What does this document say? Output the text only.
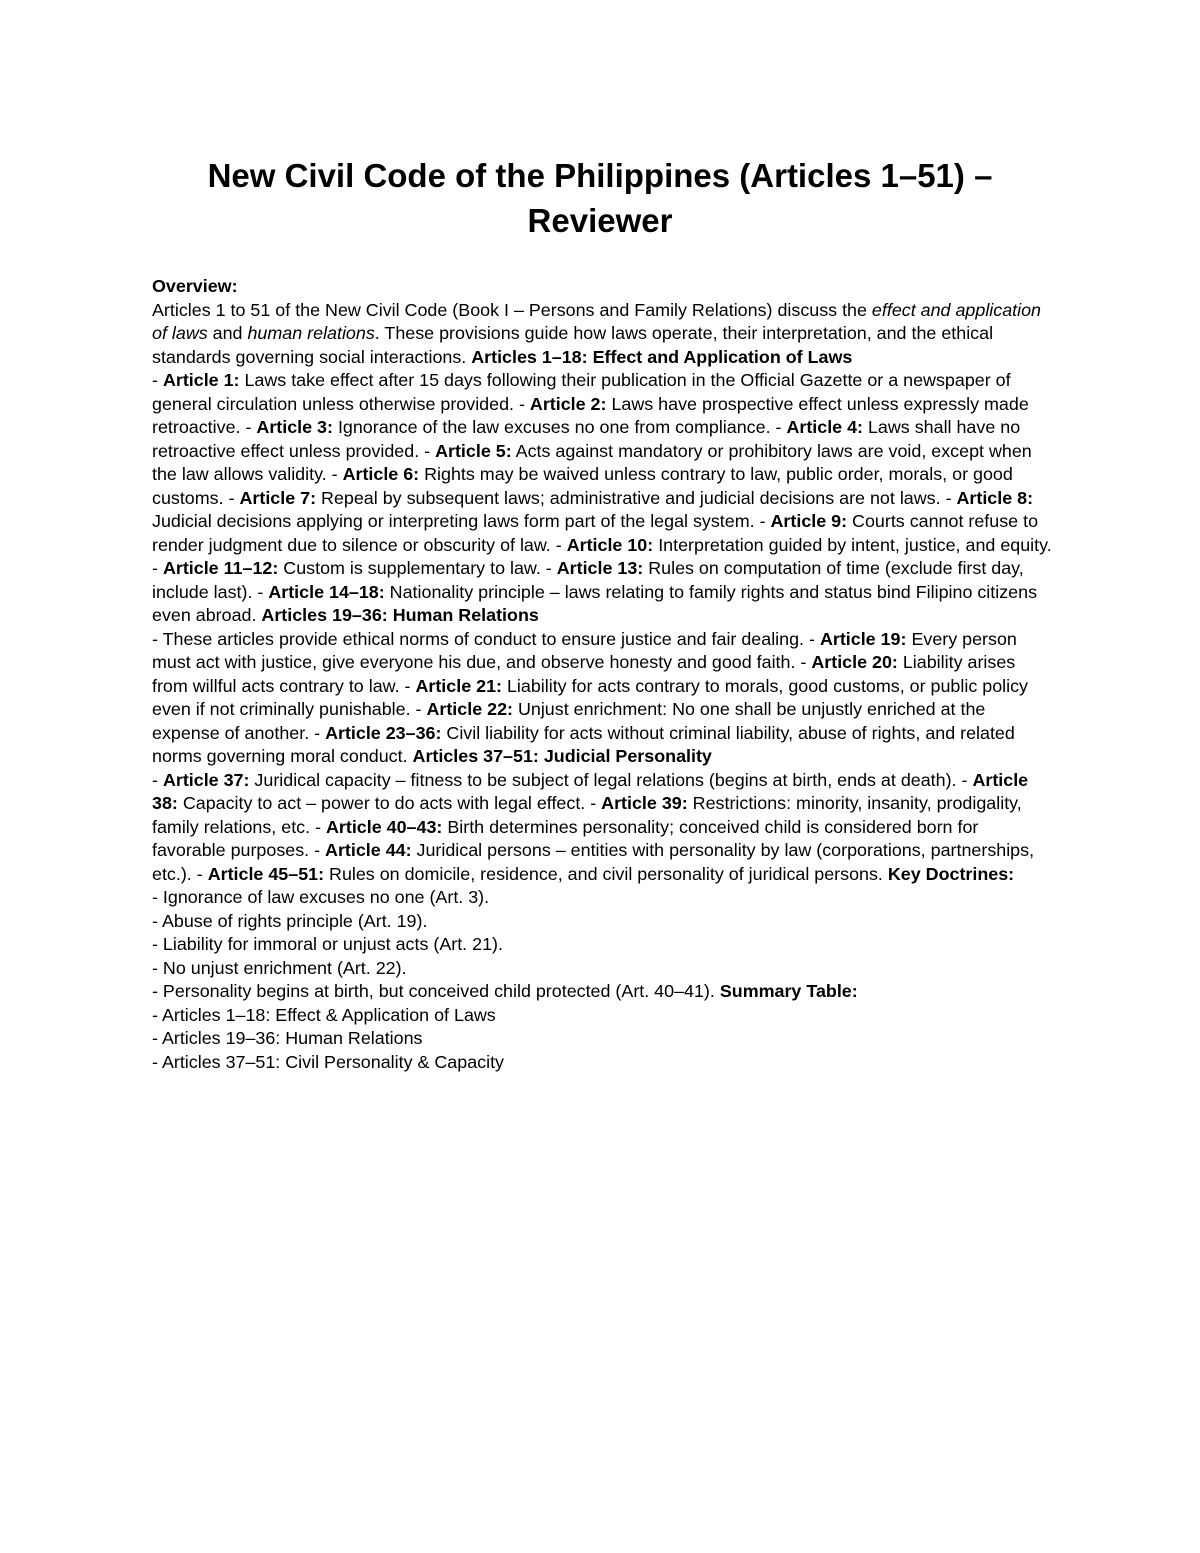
New Civil Code of the Philippines (Articles 1–51) – Reviewer

Overview:

Articles 1 to 51 of the New Civil Code (Book I – Persons and Family Relations) discuss the effect and application of laws and human relations. These provisions guide how laws operate, their interpretation, and the ethical standards governing social interactions. Articles 1–18: Effect and Application of Laws

- Article 1: Laws take effect after 15 days following their publication in the Official Gazette or a newspaper of general circulation unless otherwise provided. - Article 2: Laws have prospective effect unless expressly made retroactive. - Article 3: Ignorance of the law excuses no one from compliance. - Article 4: Laws shall have no retroactive effect unless provided. - Article 5: Acts against mandatory or prohibitory laws are void, except when the law allows validity. - Article 6: Rights may be waived unless contrary to law, public order, morals, or good customs. - Article 7: Repeal by subsequent laws; administrative and judicial decisions are not laws. - Article 8: Judicial decisions applying or interpreting laws form part of the legal system. - Article 9: Courts cannot refuse to render judgment due to silence or obscurity of law. - Article 10: Interpretation guided by intent, justice, and equity. - Article 11–12: Custom is supplementary to law. - Article 13: Rules on computation of time (exclude first day, include last). - Article 14–18: Nationality principle – laws relating to family rights and status bind Filipino citizens even abroad. Articles 19–36: Human Relations

- These articles provide ethical norms of conduct to ensure justice and fair dealing. - Article 19: Every person must act with justice, give everyone his due, and observe honesty and good faith. - Article 20: Liability arises from willful acts contrary to law. - Article 21: Liability for acts contrary to morals, good customs, or public policy even if not criminally punishable. - Article 22: Unjust enrichment: No one shall be unjustly enriched at the expense of another. - Article 23–36: Civil liability for acts without criminal liability, abuse of rights, and related norms governing moral conduct. Articles 37–51: Judicial Personality

- Article 37: Juridical capacity – fitness to be subject of legal relations (begins at birth, ends at death). - Article 38: Capacity to act – power to do acts with legal effect. - Article 39: Restrictions: minority, insanity, prodigality, family relations, etc. - Article 40–43: Birth determines personality; conceived child is considered born for favorable purposes. - Article 44: Juridical persons – entities with personality by law (corporations, partnerships, etc.). - Article 45–51: Rules on domicile, residence, and civil personality of juridical persons. Key Doctrines:

- Ignorance of law excuses no one (Art. 3).

- Abuse of rights principle (Art. 19).

- Liability for immoral or unjust acts (Art. 21).

- No unjust enrichment (Art. 22).

- Personality begins at birth, but conceived child protected (Art. 40–41). Summary Table:

- Articles 1–18: Effect & Application of Laws

- Articles 19–36: Human Relations

- Articles 37–51: Civil Personality & Capacity
